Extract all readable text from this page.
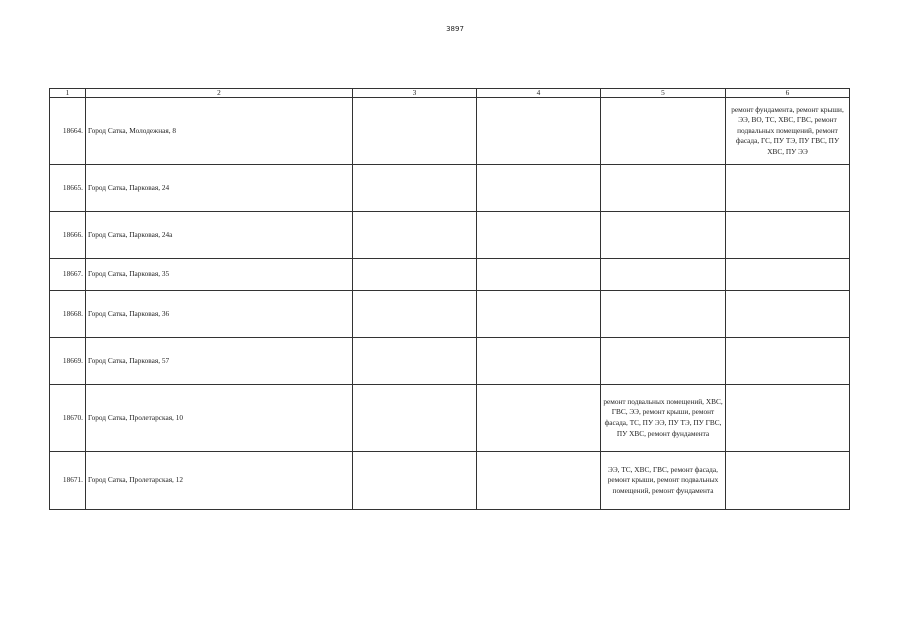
3897
1	2	3	4	5	6
18664.	Город Сатка, Молодежная, 8				ремонт фундамента, ремонт крыши, ЭЭ, ВО, ТС, ХВС, ГВС, ремонт подвальных помещений, ремонт фасада, ГС, ПУ ТЭ, ПУ ГВС, ПУ ХВС, ПУ ЭЭ
18665.	Город Сатка, Парковая, 24				
18666.	Город Сатка, Парковая, 24а				
18667.	Город Сатка, Парковая, 35				
18668.	Город Сатка, Парковая, 36				
18669.	Город Сатка, Парковая, 57				
18670.	Город Сатка, Пролетарская, 10			ремонт подвальных помещений, ХВС, ГВС, ЭЭ, ремонт крыши, ремонт фасада, ТС, ПУ ЭЭ, ПУ ТЭ, ПУ ГВС, ПУ ХВС, ремонт фундамента	
18671.	Город Сатка, Пролетарская, 12			ЭЭ, ТС, ХВС, ГВС, ремонт фасада, ремонт крыши, ремонт подвальных помещений, ремонт фундамента	
